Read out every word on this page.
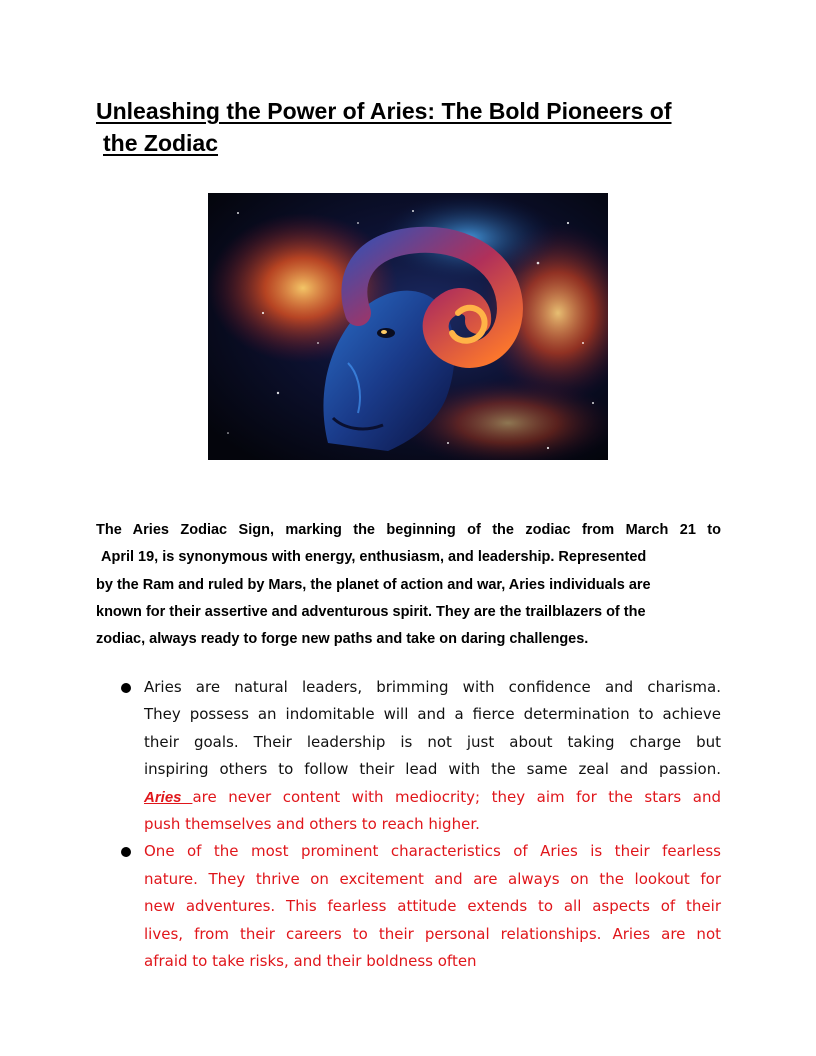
Unleashing the Power of Aries: The Bold Pioneers of
the Zodiac
The Aries Zodiac Sign, marking the beginning of the zodiac from March 21 to
April 19, is synonymous with energy, enthusiasm, and leadership. Represented
by the Ram and ruled by Mars, the planet of action and war, Aries individuals are
known for their assertive and adventurous spirit. They are the trailblazers of the
zodiac, always ready to forge new paths and take on daring challenges.
Aries are natural leaders, brimming with confidence and charisma.
They possess an indomitable will and a fierce determination to achieve
their goals. Their leadership is not just about taking charge but
inspiring others to follow their lead with the same zeal and passion.
Aries are never content with mediocrity; they aim for the stars and
push themselves and others to reach higher.
One of the most prominent characteristics of Aries is their fearless
nature. They thrive on excitement and are always on the lookout for
new adventures. This fearless attitude extends to all aspects of their
lives, from their careers to their personal relationships. Aries are not
afraid to take risks, and their boldness often
